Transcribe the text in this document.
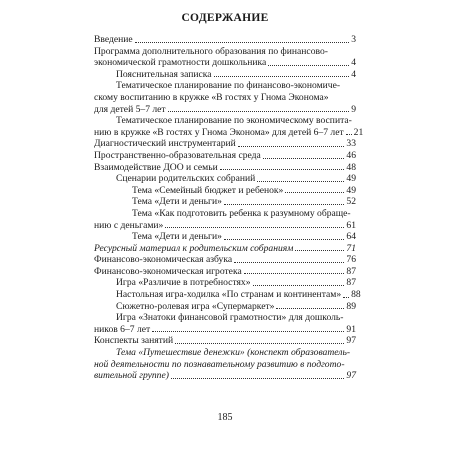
СОДЕРЖАНИЕ
Введение	3
Программа дополнительного образования по финансово-
экономической грамотности дошкольника	4
Пояснительная записка	4
Тематическое планирование по финансово-экономиче-
скому воспитанию в кружке «В гостях у Гнома Эконома»
для детей 5–7 лет	9
Тематическое планирование по экономическому воспита-
нию в кружке «В гостях у Гнома Эконома» для детей 6–7 лет 21
Диагностический инструментарий	33
Пространственно-образовательная среда	46
Взаимодействие ДОО и семьи	48
Сценарии родительских собраний	49
Тема «Семейный бюджет и ребенок»	49
Тема «Дети и деньги»	52
Тема «Как подготовить ребенка к разумному обраще-
нию с деньгами»	61
Тема «Дети и деньги»	64
Ресурсный материал к родительским собраниям	71
Финансово-экономическая азбука	76
Финансово-экономическая игротека	87
Игра «Различие в потребностях»	87
Настольная игра-ходилка «По странам и континентам» 88
Сюжетно-ролевая игра «Супермаркет»	89
Игра «Знатоки финансовой грамотности» для дошколь-
ников 6–7 лет	91
Конспекты занятий	97
Тема «Путешествие денежки» (конспект образователь-
ной деятельности по познавательному развитию в подгото-
вительной группе)	97
185
